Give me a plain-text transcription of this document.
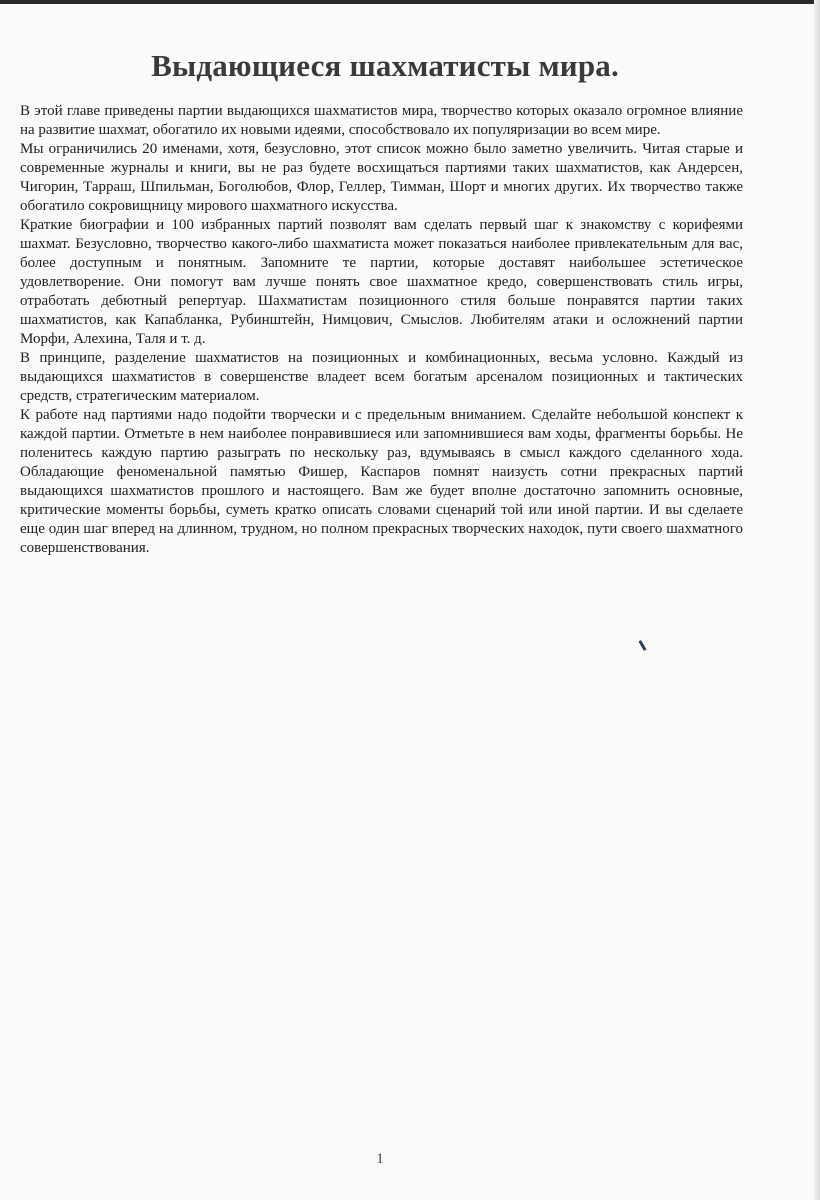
Выдающиеся шахматисты мира.

В этой главе приведены партии выдающихся шахматистов мира, творчество которых оказало огромное влияние на развитие шахмат, обогатило их новыми идеями, способствовало их популяризации во всем мире.

Мы ограничились 20 именами, хотя, безусловно, этот список можно было заметно увеличить. Читая старые и современные журналы и книги, вы не раз будете восхищаться партиями таких шахматистов, как Андерсен, Чигорин, Тарраш, Шпильман, Боголюбов, Флор, Геллер, Тимман, Шорт и многих других. Их творчество также обогатило сокровищницу мирового шахматного искусства.

Краткие биографии и 100 избранных партий позволят вам сделать первый шаг к знакомству с корифеями шахмат. Безусловно, творчество какого-либо шахматиста может показаться наиболее привлекательным для вас, более доступным и понятным. Запомните те партии, которые доставят наибольшее эстетическое удовлетворение. Они помогут вам лучше понять свое шахматное кредо, совершенствовать стиль игры, отработать дебютный репертуар. Шахматистам позиционного стиля больше понравятся партии таких шахматистов, как Капабланка, Рубинштейн, Нимцович, Смыслов. Любителям атаки и осложнений партии Морфи, Алехина, Таля и т. д.

В принципе, разделение шахматистов на позиционных и комбинационных, весьма условно. Каждый из выдающихся шахматистов в совершенстве владеет всем богатым арсеналом позиционных и тактических средств, стратегическим материалом.

К работе над партиями надо подойти творчески и с предельным вниманием. Сделайте небольшой конспект к каждой партии. Отметьте в нем наиболее понравившиеся или запомнившиеся вам ходы, фрагменты борьбы. Не поленитесь каждую партию разыграть по нескольку раз, вдумываясь в смысл каждого сделанного хода. Обладающие феноменальной памятью Фишер, Каспаров помнят наизусть сотни прекрасных партий выдающихся шахматистов прошлого и настоящего. Вам же будет вполне достаточно запомнить основные, критические моменты борьбы, суметь кратко описать словами сценарий той или иной партии. И вы сделаете еще один шаг вперед на длинном, трудном, но полном прекрасных творческих находок, пути своего шахматного совершенствования.

1
